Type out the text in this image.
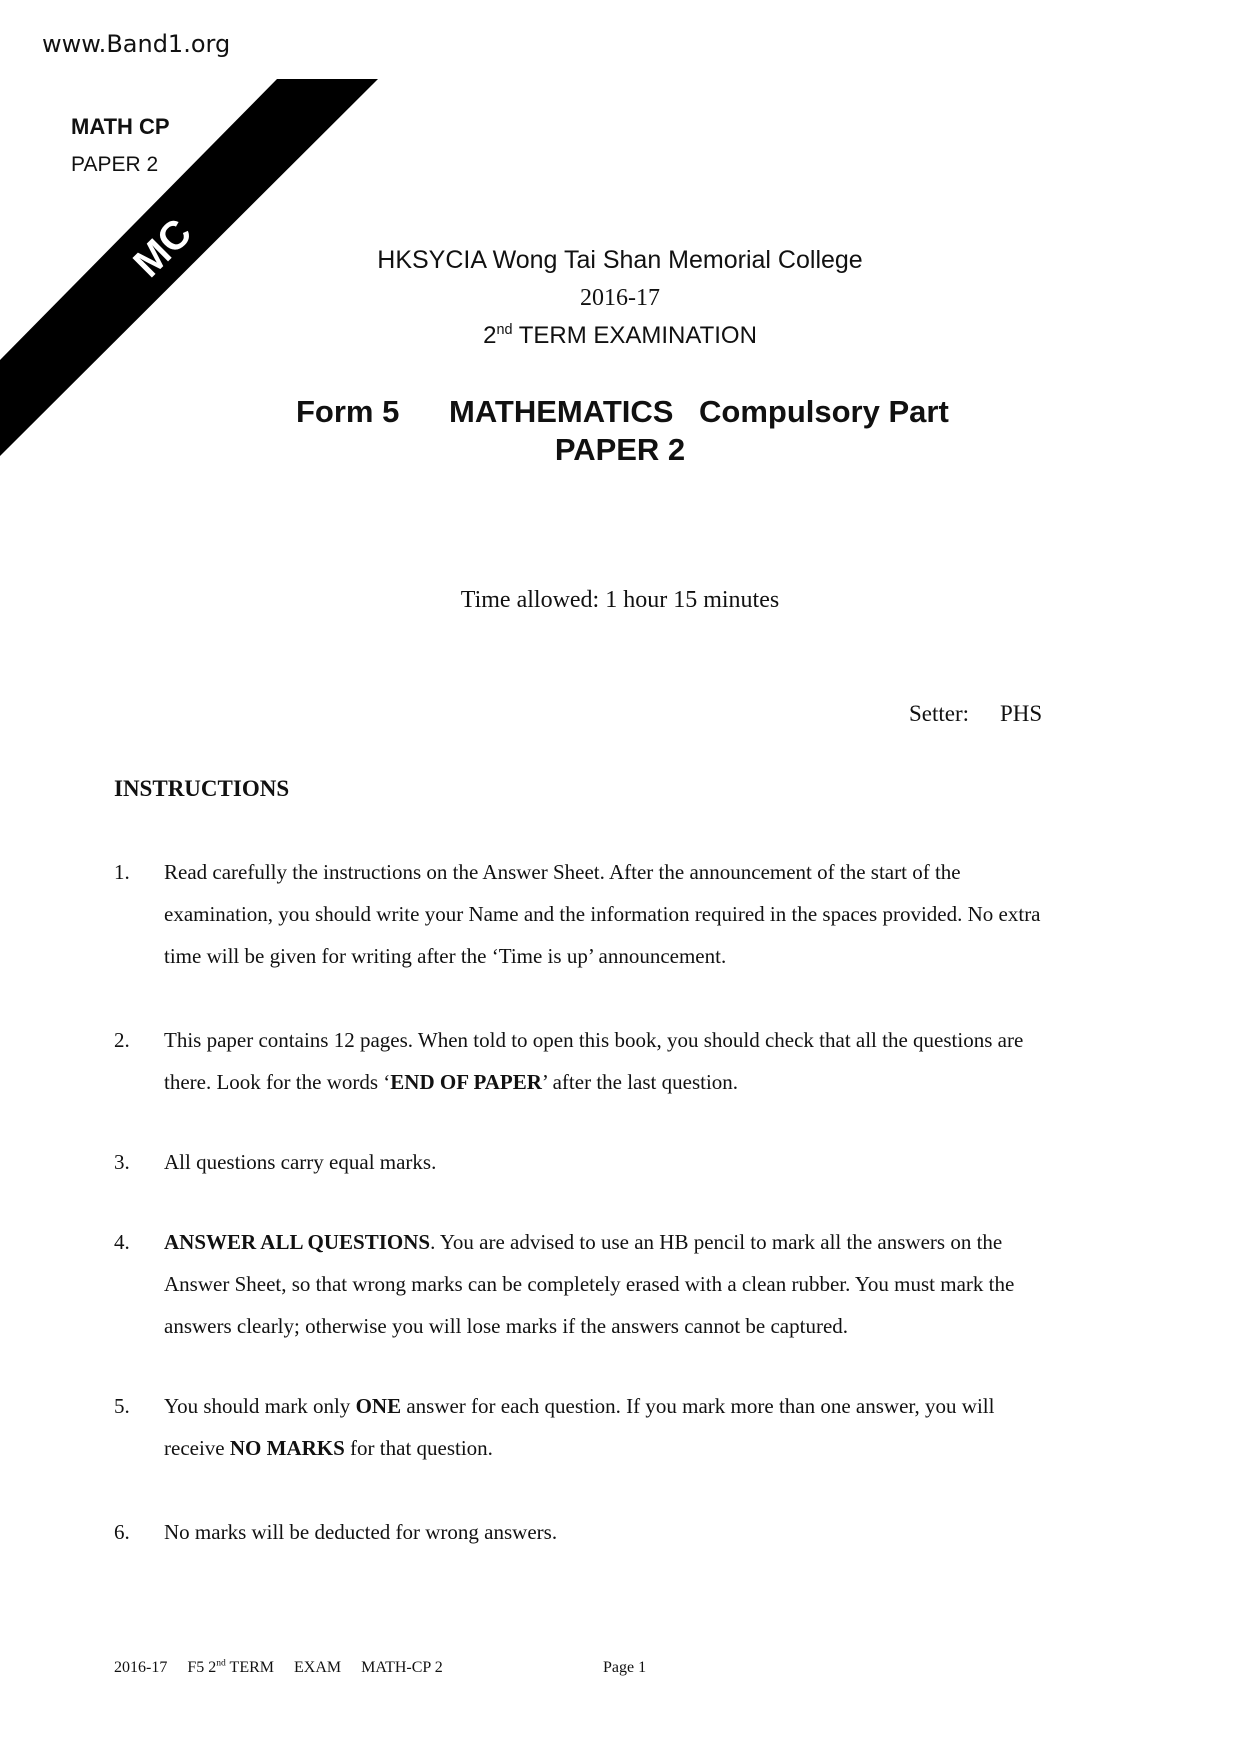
www.Band1.org
MC
MATH CP
PAPER 2
HKSYCIA Wong Tai Shan Memorial College
2016-17
2nd TERM EXAMINATION
Form 5 MATHEMATICS Compulsory Part
PAPER 2
Time allowed: 1 hour 15 minutes
Setter: PHS
INSTRUCTIONS
1. Read carefully the instructions on the Answer Sheet. After the announcement of the start of the
examination, you should write your Name and the information required in the spaces provided. No extra
time will be given for writing after the ‘Time is up’ announcement.
2. This paper contains 12 pages. When told to open this book, you should check that all the questions are
there. Look for the words ‘END OF PAPER’ after the last question.
3. All questions carry equal marks.
4. ANSWER ALL QUESTIONS. You are advised to use an HB pencil to mark all the answers on the
Answer Sheet, so that wrong marks can be completely erased with a clean rubber. You must mark the
answers clearly; otherwise you will lose marks if the answers cannot be captured.
5. You should mark only ONE answer for each question. If you mark more than one answer, you will
receive NO MARKS for that question.
6. No marks will be deducted for wrong answers.
2016-17 F5 2nd TERM EXAM MATH-CP 2	Page 1
